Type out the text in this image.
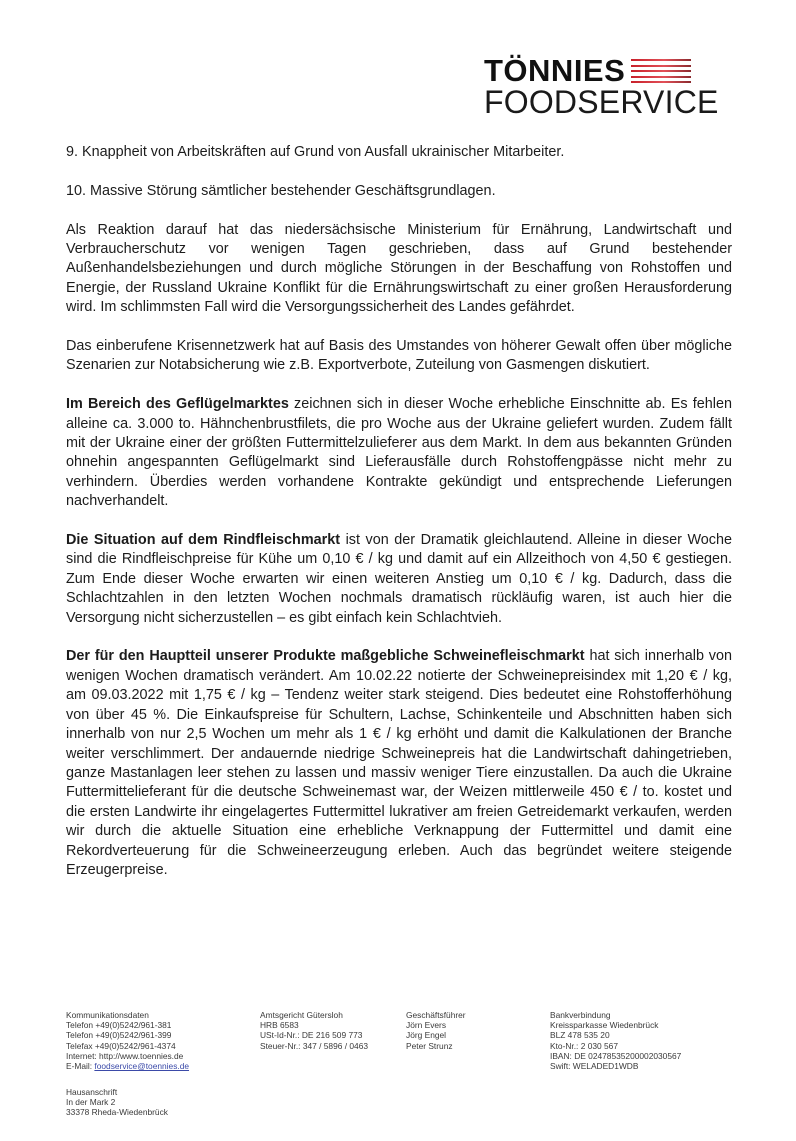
TÖNNIES
FOODSERVICE

9. Knappheit von Arbeitskräften auf Grund von Ausfall ukrainischer Mitarbeiter.

10. Massive Störung sämtlicher bestehender Geschäftsgrundlagen.

Als Reaktion darauf hat das niedersächsische Ministerium für Ernährung, Landwirtschaft und Verbraucherschutz vor wenigen Tagen geschrieben, dass auf Grund bestehender Außenhandelsbeziehungen und durch mögliche Störungen in der Beschaffung von Rohstoffen und Energie, der Russland Ukraine Konflikt für die Ernährungswirtschaft zu einer großen Herausforderung wird. Im schlimmsten Fall wird die Versorgungssicherheit des Landes gefährdet.

Das einberufene Krisennetzwerk hat auf Basis des Umstandes von höherer Gewalt offen über mögliche Szenarien zur Notabsicherung wie z.B. Exportverbote, Zuteilung von Gasmengen diskutiert.

Im Bereich des Geflügelmarktes zeichnen sich in dieser Woche erhebliche Einschnitte ab. Es fehlen alleine ca. 3.000 to. Hähnchenbrustfilets, die pro Woche aus der Ukraine geliefert wurden. Zudem fällt mit der Ukraine einer der größten Futtermittelzulieferer aus dem Markt. In dem aus bekannten Gründen ohnehin angespannten Geflügelmarkt sind Lieferausfälle durch Rohstoffengpässe nicht mehr zu verhindern. Überdies werden vorhandene Kontrakte gekündigt und entsprechende Lieferungen nachverhandelt.

Die Situation auf dem Rindfleischmarkt ist von der Dramatik gleichlautend. Alleine in dieser Woche sind die Rindfleischpreise für Kühe um 0,10 € / kg und damit auf ein Allzeithoch von 4,50 € gestiegen. Zum Ende dieser Woche erwarten wir einen weiteren Anstieg um 0,10 € / kg. Dadurch, dass die Schlachtzahlen in den letzten Wochen nochmals dramatisch rückläufig waren, ist auch hier die Versorgung nicht sicherzustellen – es gibt einfach kein Schlachtvieh.

Der für den Hauptteil unserer Produkte maßgebliche Schweinefleischmarkt hat sich innerhalb von wenigen Wochen dramatisch verändert. Am 10.02.22 notierte der Schweinepreisindex mit 1,20 € / kg, am 09.03.2022 mit 1,75 € / kg – Tendenz weiter stark steigend. Dies bedeutet eine Rohstofferhöhung von über 45 %. Die Einkaufspreise für Schultern, Lachse, Schinkenteile und Abschnitten haben sich innerhalb von nur 2,5 Wochen um mehr als 1 € / kg erhöht und damit die Kalkulationen der Branche weiter verschlimmert. Der andauernde niedrige Schweinepreis hat die Landwirtschaft dahingetrieben, ganze Mastanlagen leer stehen zu lassen und massiv weniger Tiere einzustallen. Da auch die Ukraine Futtermittelieferant für die deutsche Schweinemast war, der Weizen mittlerweile 450 € / to. kostet und die ersten Landwirte ihr eingelagertes Futtermittel lukrativer am freien Getreidemarkt verkaufen, werden wir durch die aktuelle Situation eine erhebliche Verknappung der Futtermittel und damit eine Rekordverteuerung für die Schweineerzeugung erleben. Auch das begründet weitere steigende Erzeugerpreise.

Kommunikationsdaten
Telefon +49(0)5242/961-381
Telefon +49(0)5242/961-399
Telefax +49(0)5242/961-4374
Internet: http://www.toennies.de
E-Mail: foodservice@toennies.de
Amtsgericht Gütersloh
HRB 6583
USt-Id-Nr.: DE 216 509 773
Steuer-Nr.: 347 / 5896 / 0463
Geschäftsführer
Jörn Evers
Jörg Engel
Peter Strunz
Bankverbindung
Kreissparkasse Wiedenbrück
BLZ 478 535 20
Kto-Nr.: 2 030 567
IBAN: DE 02478535200002030567
Swift: WELADED1WDB
Hausanschrift
In der Mark 2
33378 Rheda-Wiedenbrück
